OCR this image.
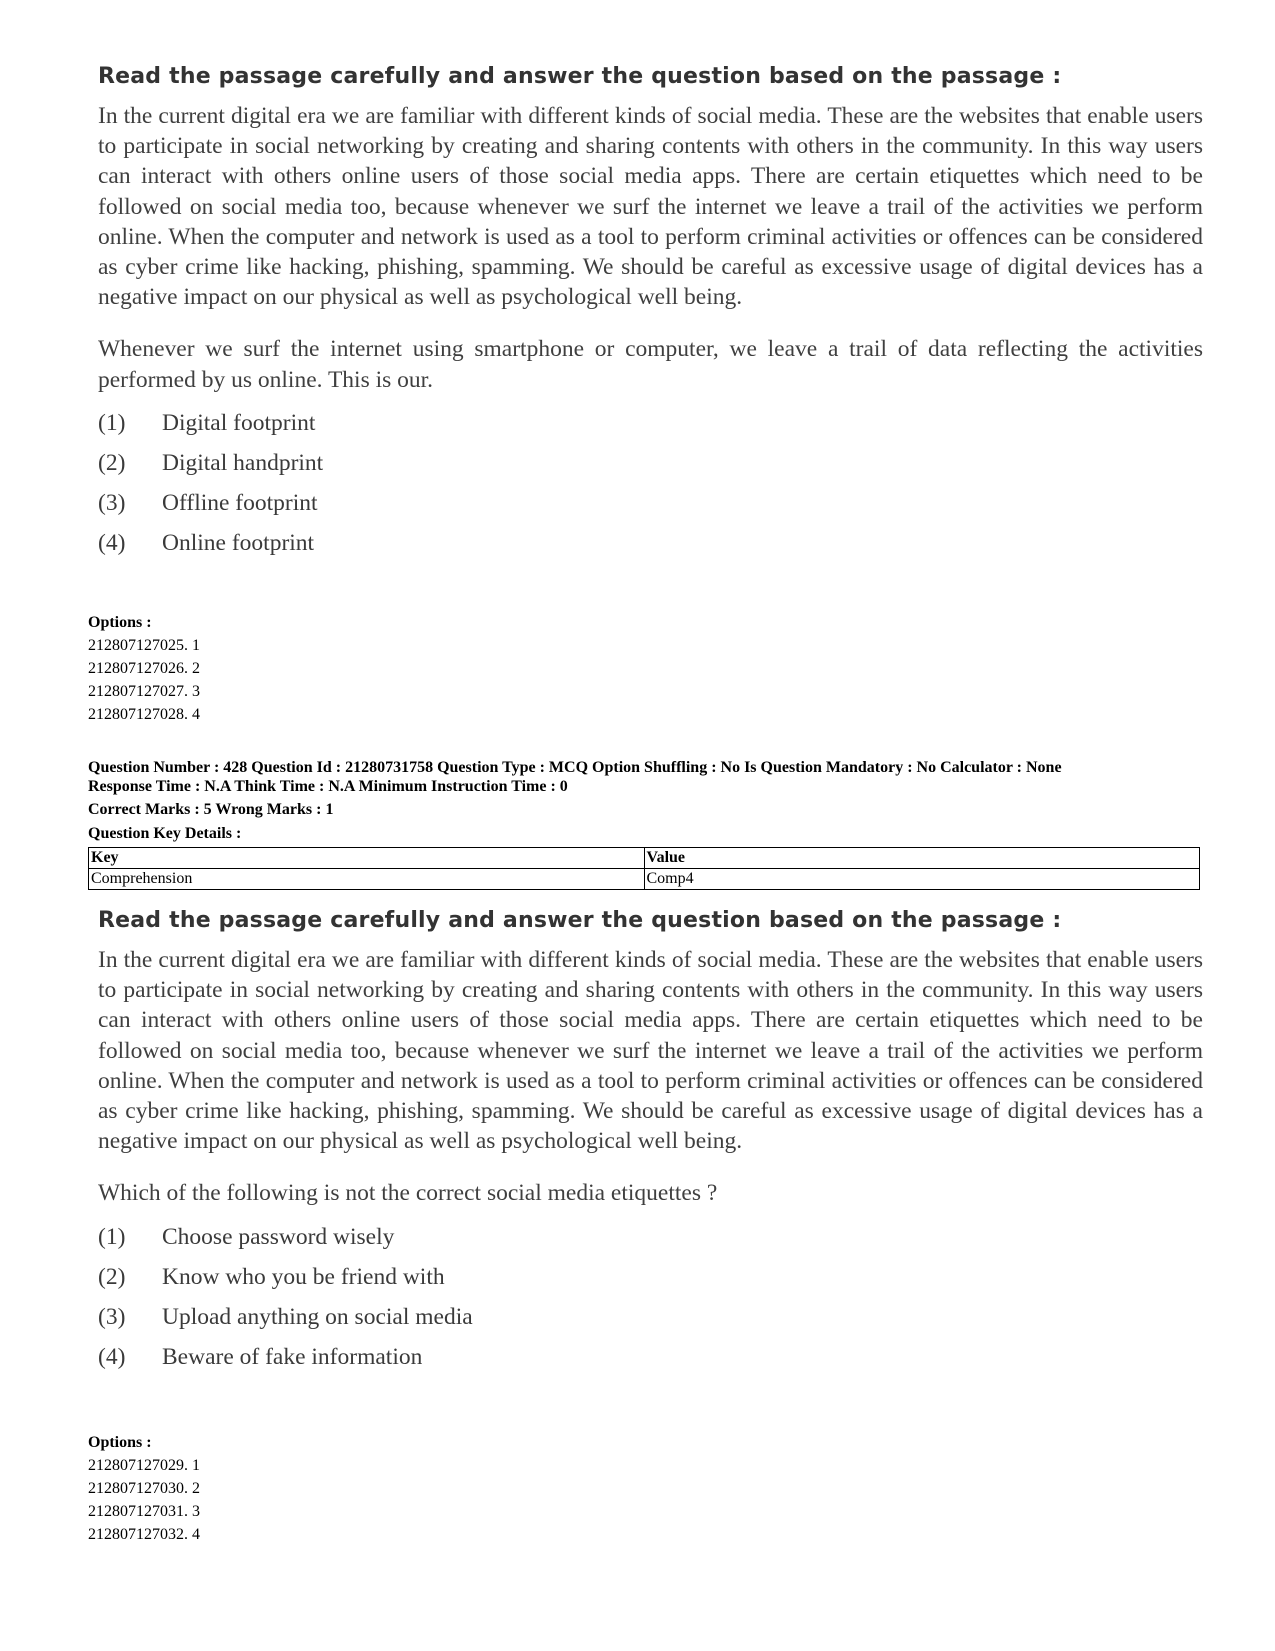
Read the passage carefully and answer the question based on the passage :

In the current digital era we are familiar with different kinds of social media. These are the websites that enable users to participate in social networking by creating and sharing contents with others in the community. In this way users can interact with others online users of those social media apps. There are certain etiquettes which need to be followed on social media too, because whenever we surf the internet we leave a trail of the activities we perform online. When the computer and network is used as a tool to perform criminal activities or offences can be considered as cyber crime like hacking, phishing, spamming. We should be careful as excessive usage of digital devices has a negative impact on our physical as well as psychological well being.

Whenever we surf the internet using smartphone or computer, we leave a trail of data reflecting the activities performed by us online. This is our.

(1)	Digital footprint
(2)	Digital handprint
(3)	Offline footprint
(4)	Online footprint
Options :
212807127025. 1
212807127026. 2
212807127027. 3
212807127028. 4
Question Number : 428 Question Id : 21280731758 Question Type : MCQ Option Shuffling : No Is Question Mandatory : No Calculator : None
Response Time : N.A Think Time : N.A Minimum Instruction Time : 0
Correct Marks : 5 Wrong Marks : 1
Question Key Details :
Key	Value
Comprehension	Comp4
Read the passage carefully and answer the question based on the passage :

In the current digital era we are familiar with different kinds of social media. These are the websites that enable users to participate in social networking by creating and sharing contents with others in the community. In this way users can interact with others online users of those social media apps. There are certain etiquettes which need to be followed on social media too, because whenever we surf the internet we leave a trail of the activities we perform online. When the computer and network is used as a tool to perform criminal activities or offences can be considered as cyber crime like hacking, phishing, spamming. We should be careful as excessive usage of digital devices has a negative impact on our physical as well as psychological well being.

Which of the following is not the correct social media etiquettes ?

(1)	Choose password wisely
(2)	Know who you be friend with
(3)	Upload anything on social media
(4)	Beware of fake information
Options :
212807127029. 1
212807127030. 2
212807127031. 3
212807127032. 4
